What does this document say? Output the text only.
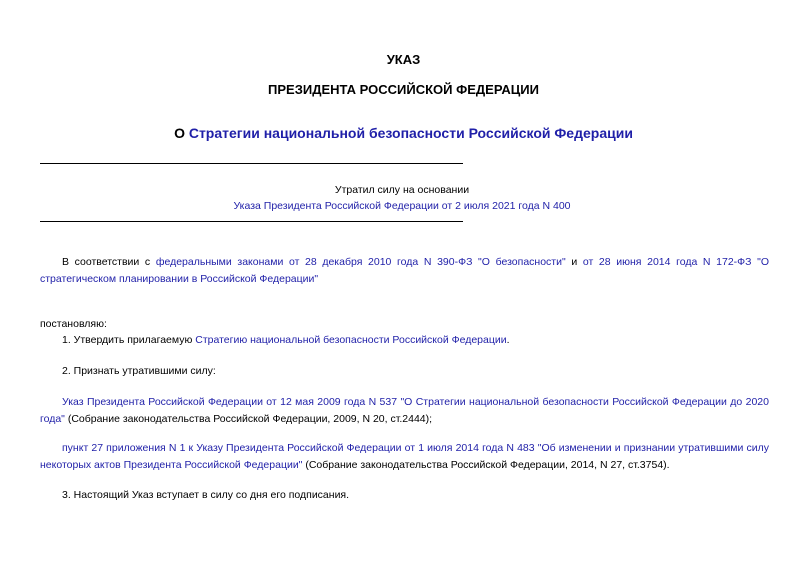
УКАЗ
ПРЕЗИДЕНТА РОССИЙСКОЙ ФЕДЕРАЦИИ
О Стратегии национальной безопасности Российской Федерации
Утратил силу на основании
Указа Президента Российской Федерации от 2 июля 2021 года N 400
В соответствии с федеральными законами от 28 декабря 2010 года N 390-ФЗ "О безопасности" и от 28 июня 2014 года N 172-ФЗ "О стратегическом планировании в Российской Федерации"
постановляю:
1. Утвердить прилагаемую Стратегию национальной безопасности Российской Федерации.
2. Признать утратившими силу:
Указ Президента Российской Федерации от 12 мая 2009 года N 537 "О Стратегии национальной безопасности Российской Федерации до 2020 года" (Собрание законодательства Российской Федерации, 2009, N 20, ст.2444);
пункт 27 приложения N 1 к Указу Президента Российской Федерации от 1 июля 2014 года N 483 "Об изменении и признании утратившими силу некоторых актов Президента Российской Федерации" (Собрание законодательства Российской Федерации, 2014, N 27, ст.3754).
3. Настоящий Указ вступает в силу со дня его подписания.
